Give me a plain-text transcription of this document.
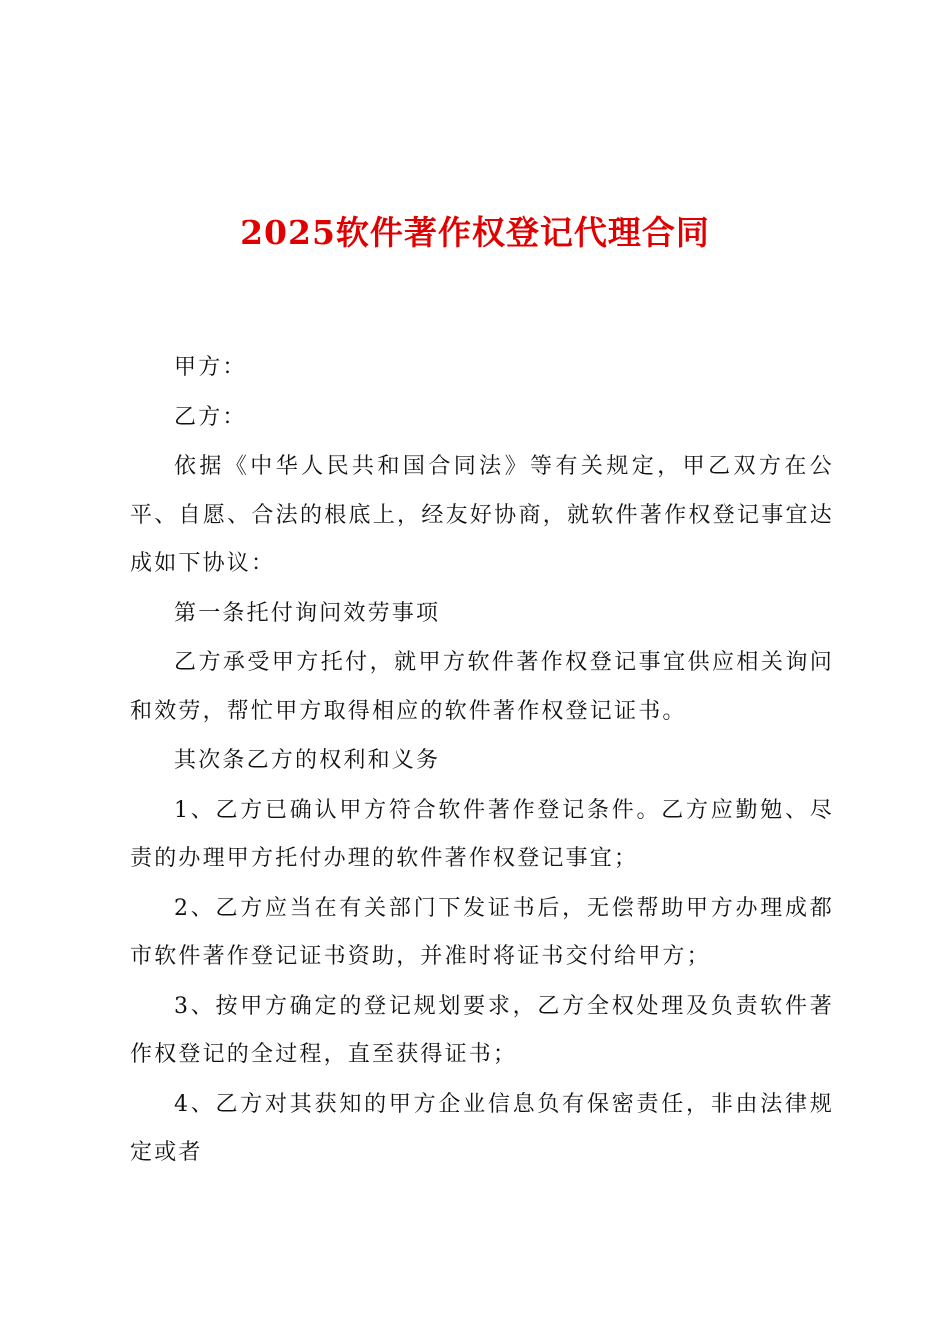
2025软件著作权登记代理合同

甲方：

乙方：

依据《中华人民共和国合同法》等有关规定，甲乙双方在公平、自愿、合法的根底上，经友好协商，就软件著作权登记事宜达成如下协议：

第一条托付询问效劳事项

乙方承受甲方托付，就甲方软件著作权登记事宜供应相关询问和效劳，帮忙甲方取得相应的软件著作权登记证书。

其次条乙方的权利和义务

1、乙方已确认甲方符合软件著作登记条件。乙方应勤勉、尽责的办理甲方托付办理的软件著作权登记事宜；

2、乙方应当在有关部门下发证书后，无偿帮助甲方办理成都市软件著作登记证书资助，并准时将证书交付给甲方；

3、按甲方确定的登记规划要求，乙方全权处理及负责软件著作权登记的全过程，直至获得证书；

4、乙方对其获知的甲方企业信息负有保密责任，非由法律规定或者
